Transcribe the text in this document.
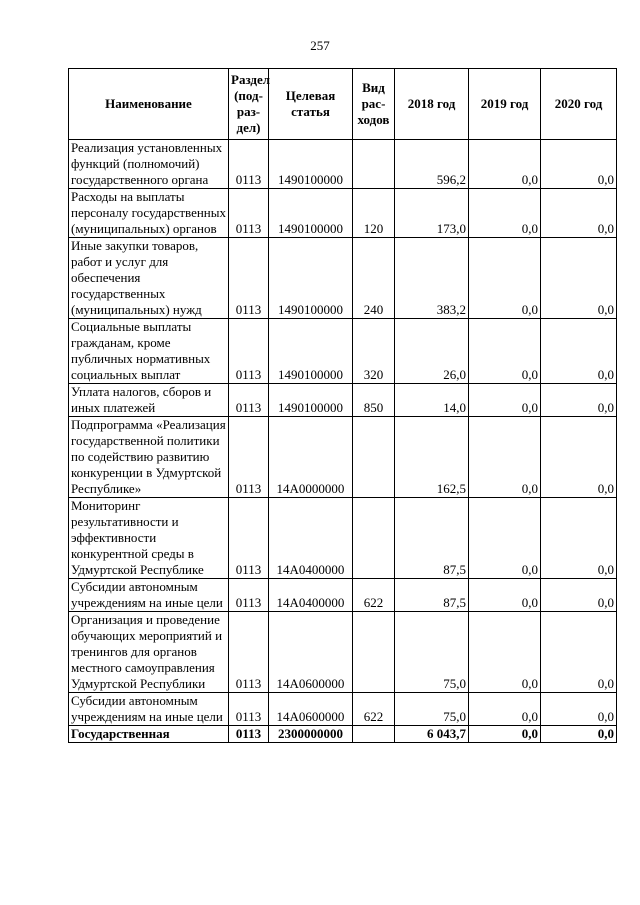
257
Наименование	Раздел (под- раз- дел)	Целевая статья	Вид рас- ходов	2018 год	2019 год	2020 год
Реализация установленных функций (полномочий) государственного органа	0113	1490100000		596,2	0,0	0,0
Расходы на выплаты персоналу государственных (муниципальных) органов	0113	1490100000	120	173,0	0,0	0,0
Иные закупки товаров, работ и услуг для обеспечения государственных (муниципальных) нужд	0113	1490100000	240	383,2	0,0	0,0
Социальные выплаты гражданам, кроме публичных нормативных социальных выплат	0113	1490100000	320	26,0	0,0	0,0
Уплата налогов, сборов и иных платежей	0113	1490100000	850	14,0	0,0	0,0
Подпрограмма «Реализация государственной политики по содействию развитию конкуренции в Удмуртской Республике»	0113	14А0000000		162,5	0,0	0,0
Мониторинг результативности и эффективности конкурентной среды в Удмуртской Республике	0113	14А0400000		87,5	0,0	0,0
Субсидии автономным учреждениям на иные цели	0113	14А0400000	622	87,5	0,0	0,0
Организация и проведение обучающих мероприятий и тренингов для органов местного самоуправления Удмуртской Республики	0113	14А0600000		75,0	0,0	0,0
Субсидии автономным учреждениям на иные цели	0113	14А0600000	622	75,0	0,0	0,0
Государственная	0113	2300000000		6 043,7	0,0	0,0
